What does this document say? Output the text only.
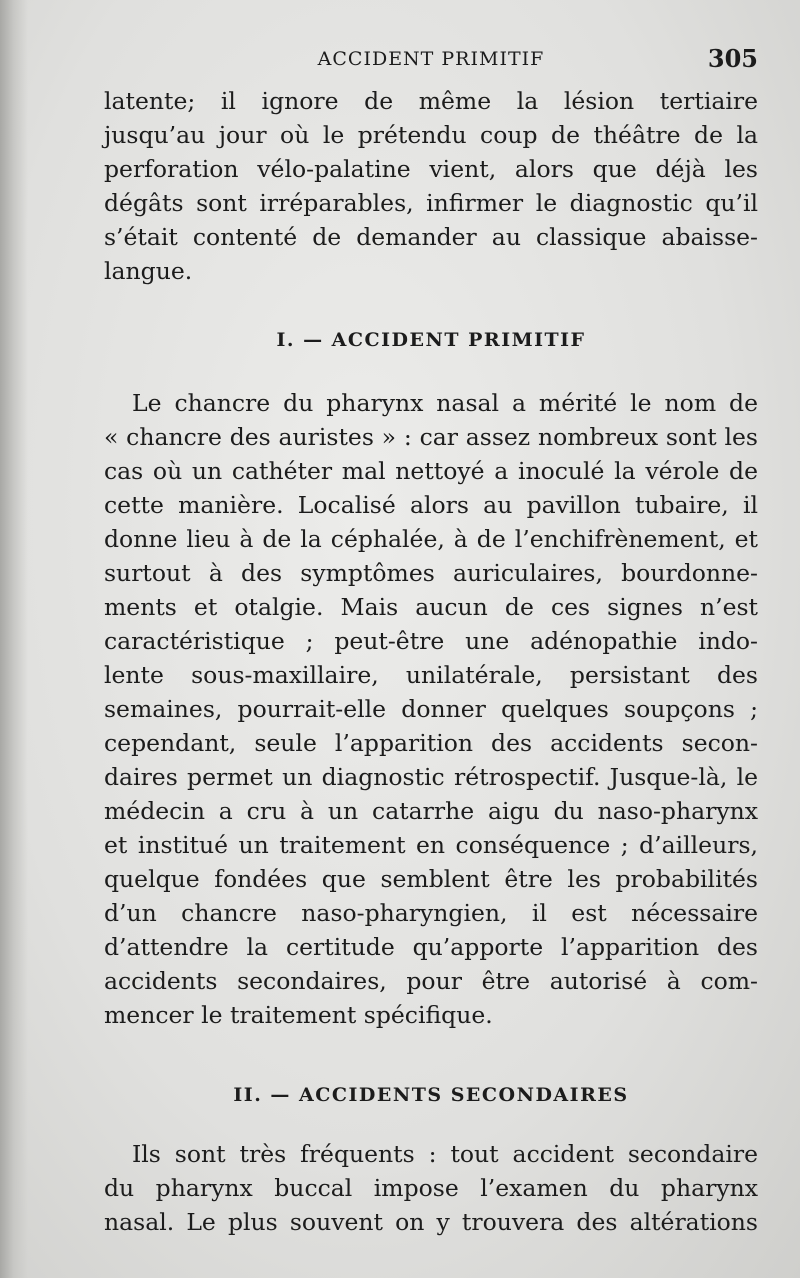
ACCIDENT PRIMITIF	305
latente; il ignore de même la lésion tertiaire
jusqu’au jour où le prétendu coup de théâtre de la
perforation vélo-palatine vient, alors que déjà les
dégâts sont irréparables, infirmer le diagnostic qu’il
s’était contenté de demander au classique abaisse-
langue.
I. — ACCIDENT PRIMITIF
Le chancre du pharynx nasal a mérité le nom de
« chancre des auristes » : car assez nombreux sont les
cas où un cathéter mal nettoyé a inoculé la vérole de
cette manière. Localisé alors au pavillon tubaire, il
donne lieu à de la céphalée, à de l’enchifrènement, et
surtout à des symptômes auriculaires, bourdonne-
ments et otalgie. Mais aucun de ces signes n’est
caractéristique ; peut-être une adénopathie indo-
lente sous-maxillaire, unilatérale, persistant des
semaines, pourrait-elle donner quelques soupçons ;
cependant, seule l’apparition des accidents secon-
daires permet un diagnostic rétrospectif. Jusque-là, le
médecin a cru à un catarrhe aigu du naso-pharynx
et institué un traitement en conséquence ; d’ailleurs,
quelque fondées que semblent être les probabilités
d’un chancre naso-pharyngien, il est nécessaire
d’attendre la certitude qu’apporte l’apparition des
accidents secondaires, pour être autorisé à com-
mencer le traitement spécifique.
II. — ACCIDENTS SECONDAIRES
Ils sont très fréquents : tout accident secondaire
du pharynx buccal impose l’examen du pharynx
nasal. Le plus souvent on y trouvera des altérations
